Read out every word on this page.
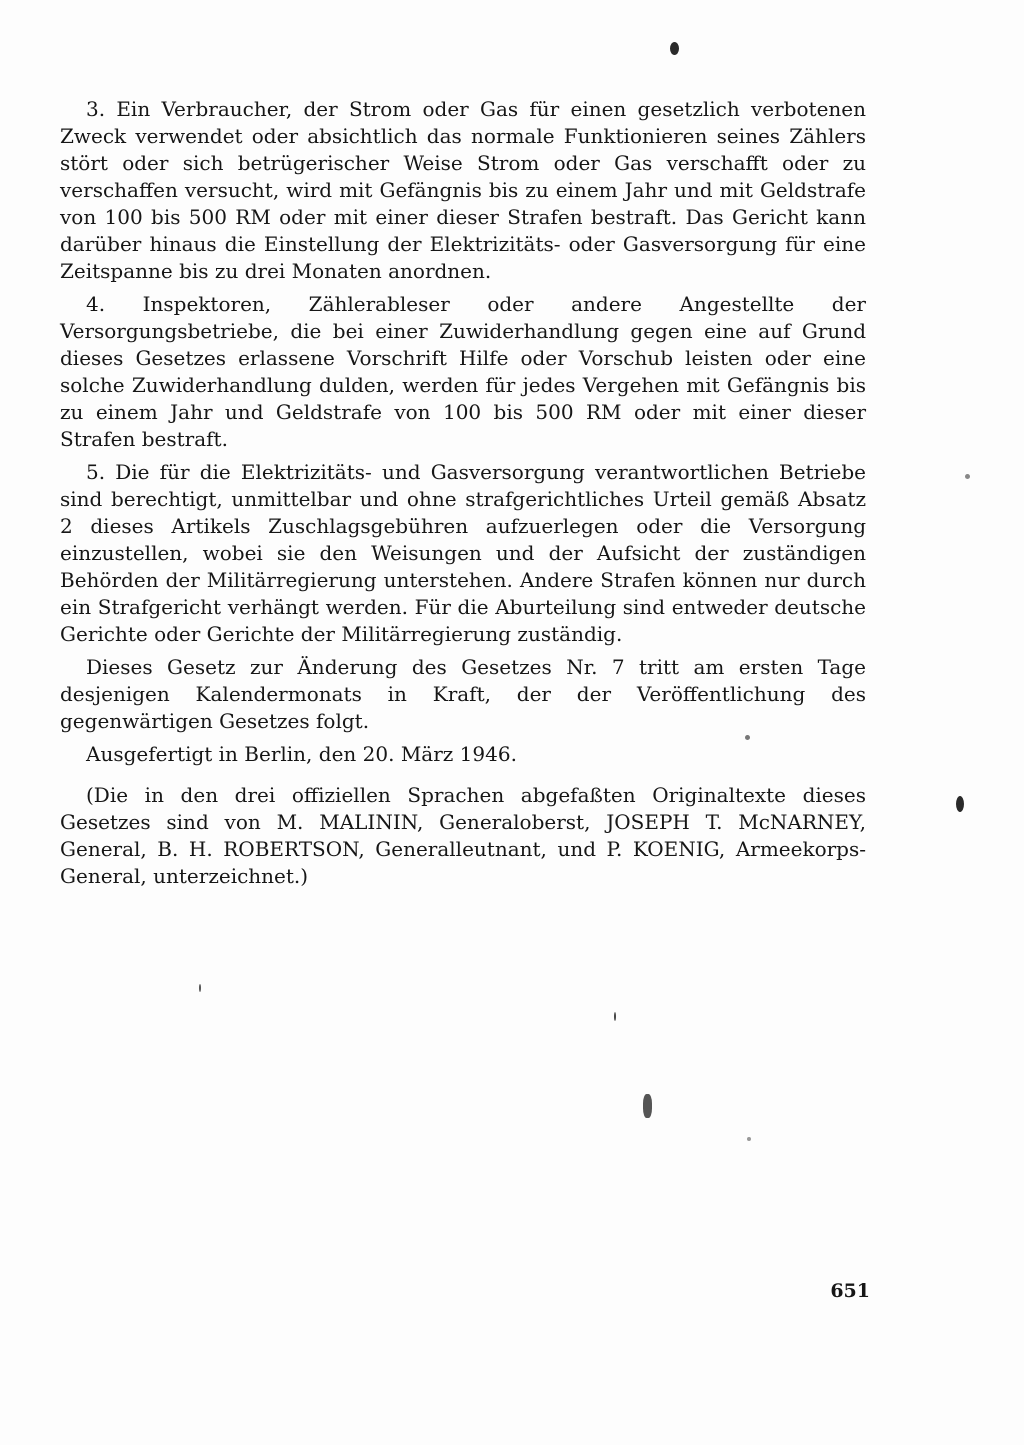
3. Ein Verbraucher, der Strom oder Gas für einen gesetzlich verbotenen Zweck verwendet oder absichtlich das normale Funktionieren seines Zählers stört oder sich betrügerischer Weise Strom oder Gas verschafft oder zu verschaffen versucht, wird mit Gefängnis bis zu einem Jahr und mit Geldstrafe von 100 bis 500 RM oder mit einer dieser Strafen bestraft. Das Gericht kann darüber hinaus die Einstellung der Elektrizitäts- oder Gasversorgung für eine Zeitspanne bis zu drei Monaten anordnen.

4. Inspektoren, Zählerableser oder andere Angestellte der Versorgungsbetriebe, die bei einer Zuwiderhandlung gegen eine auf Grund dieses Gesetzes erlassene Vorschrift Hilfe oder Vorschub leisten oder eine solche Zuwiderhandlung dulden, werden für jedes Vergehen mit Gefängnis bis zu einem Jahr und Geldstrafe von 100 bis 500 RM oder mit einer dieser Strafen bestraft.

5. Die für die Elektrizitäts- und Gasversorgung verantwortlichen Betriebe sind berechtigt, unmittelbar und ohne strafgerichtliches Urteil gemäß Absatz 2 dieses Artikels Zuschlagsgebühren aufzuerlegen oder die Versorgung einzustellen, wobei sie den Weisungen und der Aufsicht der zuständigen Behörden der Militärregierung unterstehen. Andere Strafen können nur durch ein Strafgericht verhängt werden. Für die Aburteilung sind entweder deutsche Gerichte oder Gerichte der Militärregierung zuständig.

Dieses Gesetz zur Änderung des Gesetzes Nr. 7 tritt am ersten Tage desjenigen Kalendermonats in Kraft, der der Veröffentlichung des gegenwärtigen Gesetzes folgt.

Ausgefertigt in Berlin, den 20. März 1946.

(Die in den drei offiziellen Sprachen abgefaßten Originaltexte dieses Gesetzes sind von M. MALININ, Generaloberst, JOSEPH T. McNARNEY, General, B. H. ROBERTSON, Generalleutnant, und P. KOENIG, Armeekorps-General, unterzeichnet.)

651
